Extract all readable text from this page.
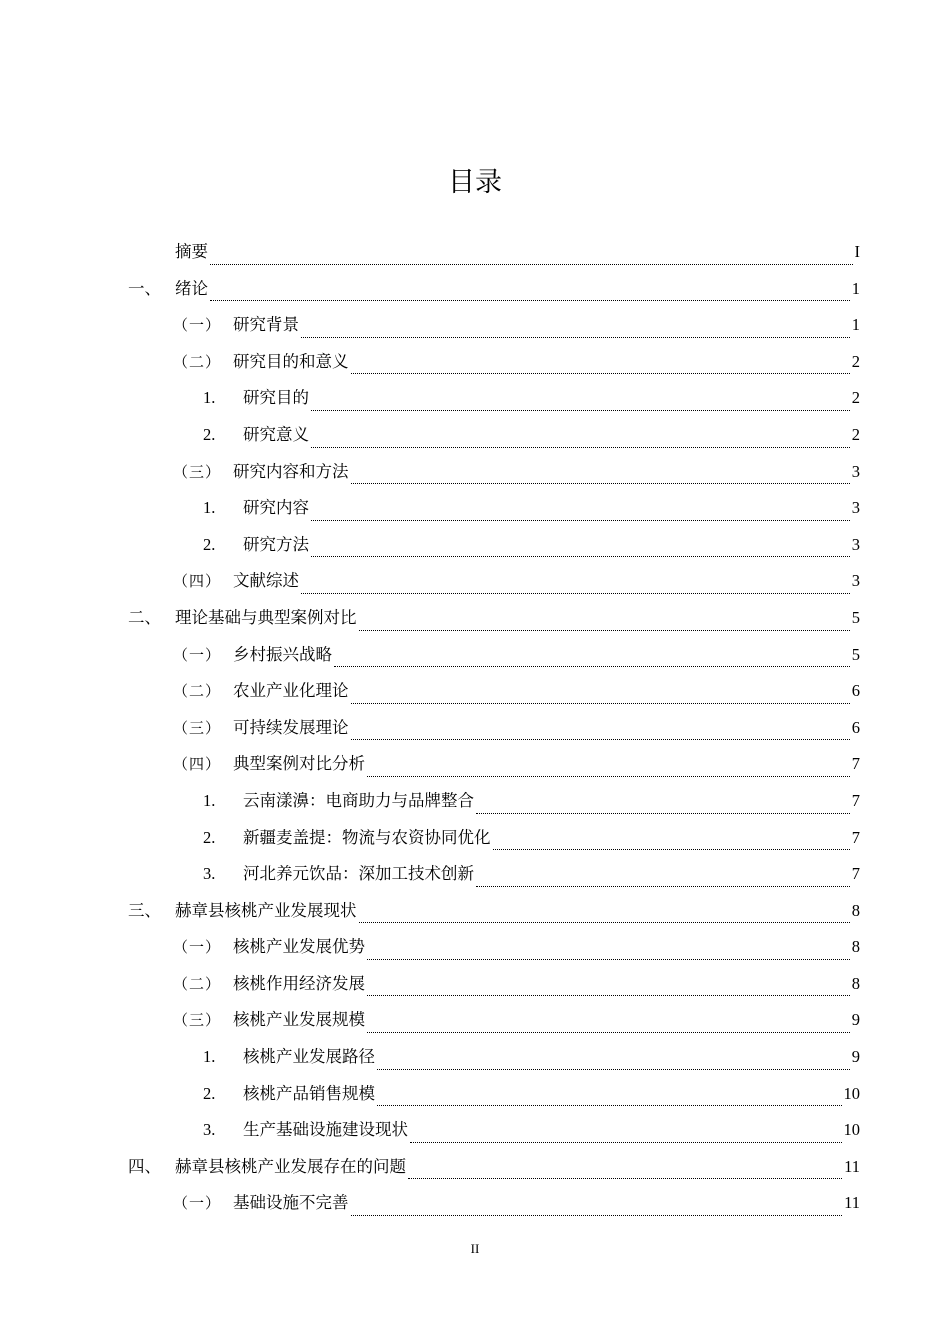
目录
摘要	I
一、 绪论	1
（一） 研究背景	1
（二） 研究目的和意义	2
1.	研究目的	2
2.	研究意义	2
（三） 研究内容和方法	3
1.	研究内容	3
2.	研究方法	3
（四） 文献综述	3
二、 理论基础与典型案例对比	5
（一） 乡村振兴战略	5
（二） 农业产业化理论	6
（三） 可持续发展理论	6
（四） 典型案例对比分析	7
1.	云南漾濞：电商助力与品牌整合	7
2.	新疆麦盖提：物流与农资协同优化	7
3.	河北养元饮品：深加工技术创新	7
三、 赫章县核桃产业发展现状	8
（一） 核桃产业发展优势	8
（二） 核桃作用经济发展	8
（三） 核桃产业发展规模	9
1.	核桃产业发展路径	9
2.	核桃产品销售规模	10
3.	生产基础设施建设现状	10
四、 赫章县核桃产业发展存在的问题	11
（一） 基础设施不完善	11
II
